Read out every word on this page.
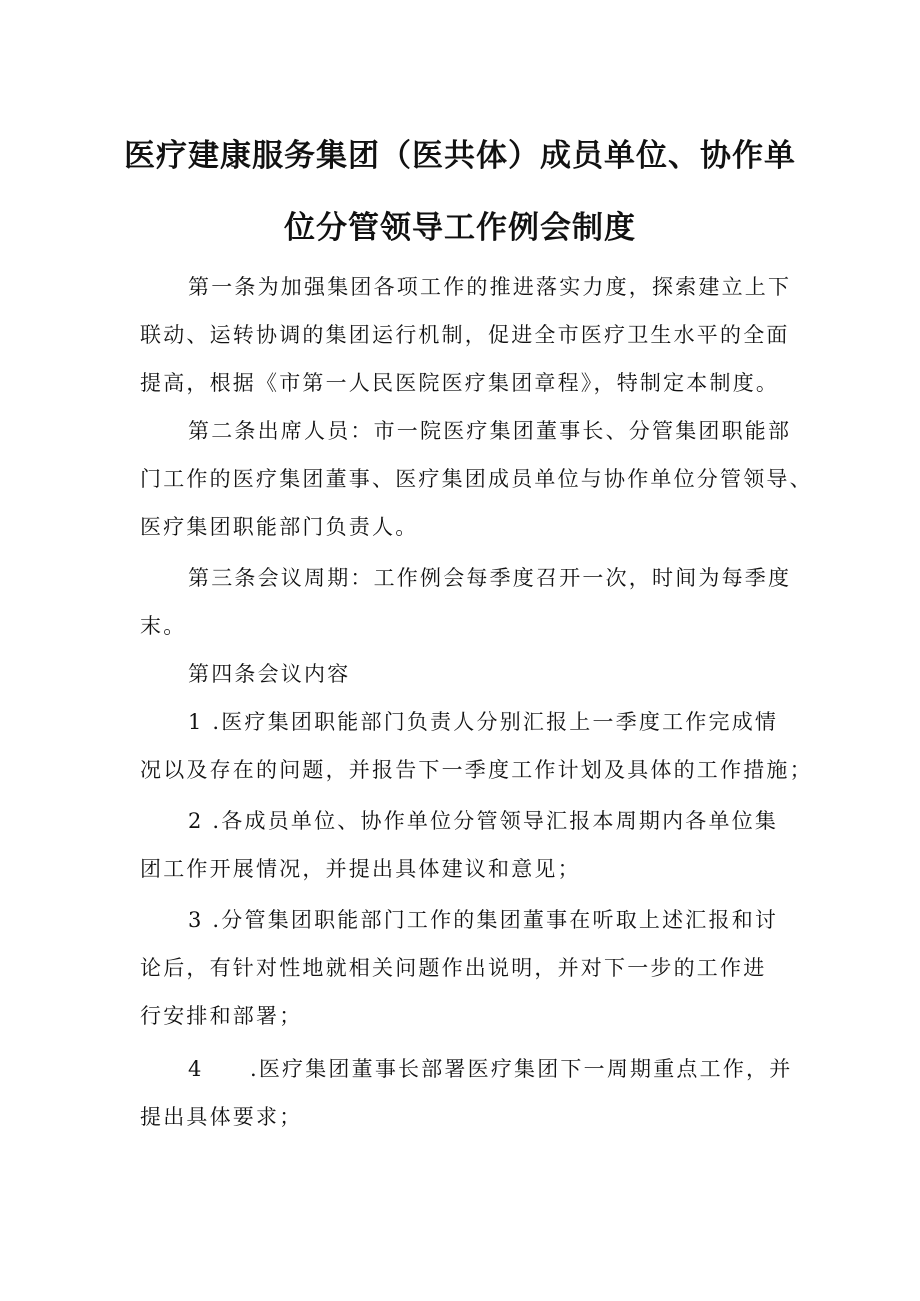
医疗建康服务集团（医共体）成员单位、协作单
位分管领导工作例会制度
第一条为加强集团各项工作的推进落实力度，探索建立上下
联动、运转协调的集团运行机制，促进全市医疗卫生水平的全面
提高，根据《市第一人民医院医疗集团章程》，特制定本制度。
第二条出席人员：市一院医疗集团董事长、分管集团职能部
门工作的医疗集团董事、医疗集团成员单位与协作单位分管领导、
医疗集团职能部门负责人。
第三条会议周期：工作例会每季度召开一次，时间为每季度
末。
第四条会议内容
1 .医疗集团职能部门负责人分别汇报上一季度工作完成情
况以及存在的问题，并报告下一季度工作计划及具体的工作措施；
2 .各成员单位、协作单位分管领导汇报本周期内各单位集
团工作开展情况，并提出具体建议和意见；
3 .分管集团职能部门工作的集团董事在听取上述汇报和讨
论后，有针对性地就相关问题作出说明，并对下一步的工作进
行安排和部署；
4　　.医疗集团董事长部署医疗集团下一周期重点工作，并
提出具体要求；
